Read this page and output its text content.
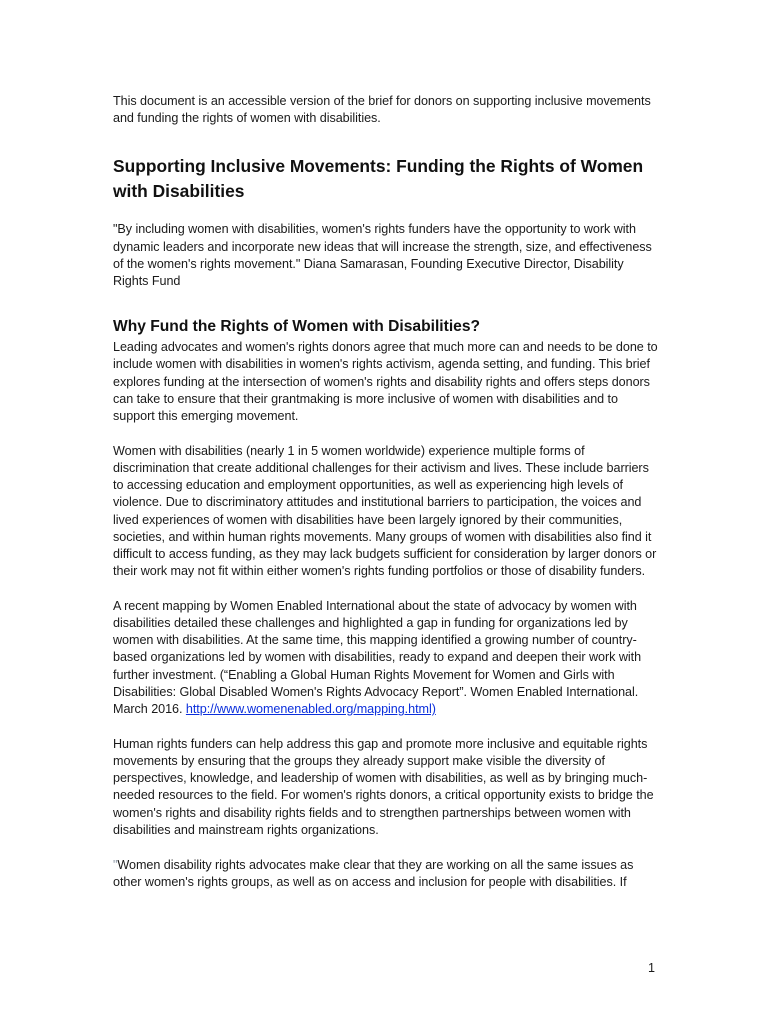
This document is an accessible version of the brief for donors on supporting inclusive movements and funding the rights of women with disabilities.

Supporting Inclusive Movements: Funding the Rights of Women with Disabilities

"By including women with disabilities, women's rights funders have the opportunity to work with dynamic leaders and incorporate new ideas that will increase the strength, size, and effectiveness of the women's rights movement." Diana Samarasan, Founding Executive Director, Disability Rights Fund

Why Fund the Rights of Women with Disabilities?

Leading advocates and women's rights donors agree that much more can and needs to be done to include women with disabilities in women's rights activism, agenda setting, and funding. This brief explores funding at the intersection of women's rights and disability rights and offers steps donors can take to ensure that their grantmaking is more inclusive of women with disabilities and to support this emerging movement.

Women with disabilities (nearly 1 in 5 women worldwide) experience multiple forms of discrimination that create additional challenges for their activism and lives. These include barriers to accessing education and employment opportunities, as well as experiencing high levels of violence. Due to discriminatory attitudes and institutional barriers to participation, the voices and lived experiences of women with disabilities have been largely ignored by their communities, societies, and within human rights movements. Many groups of women with disabilities also find it difficult to access funding, as they may lack budgets sufficient for consideration by larger donors or their work may not fit within either women's rights funding portfolios or those of disability funders.

A recent mapping by Women Enabled International about the state of advocacy by women with disabilities detailed these challenges and highlighted a gap in funding for organizations led by women with disabilities. At the same time, this mapping identified a growing number of country-based organizations led by women with disabilities, ready to expand and deepen their work with further investment. (“Enabling a Global Human Rights Movement for Women and Girls with Disabilities: Global Disabled Women's Rights Advocacy Report”. Women Enabled International. March 2016. http://www.womenenabled.org/mapping.html)

Human rights funders can help address this gap and promote more inclusive and equitable rights movements by ensuring that the groups they already support make visible the diversity of perspectives, knowledge, and leadership of women with disabilities, as well as by bringing much-needed resources to the field. For women's rights donors, a critical opportunity exists to bridge the women's rights and disability rights fields and to strengthen partnerships between women with disabilities and mainstream rights organizations.

"Women disability rights advocates make clear that they are working on all the same issues as other women's rights groups, as well as on access and inclusion for people with disabilities. If

1
